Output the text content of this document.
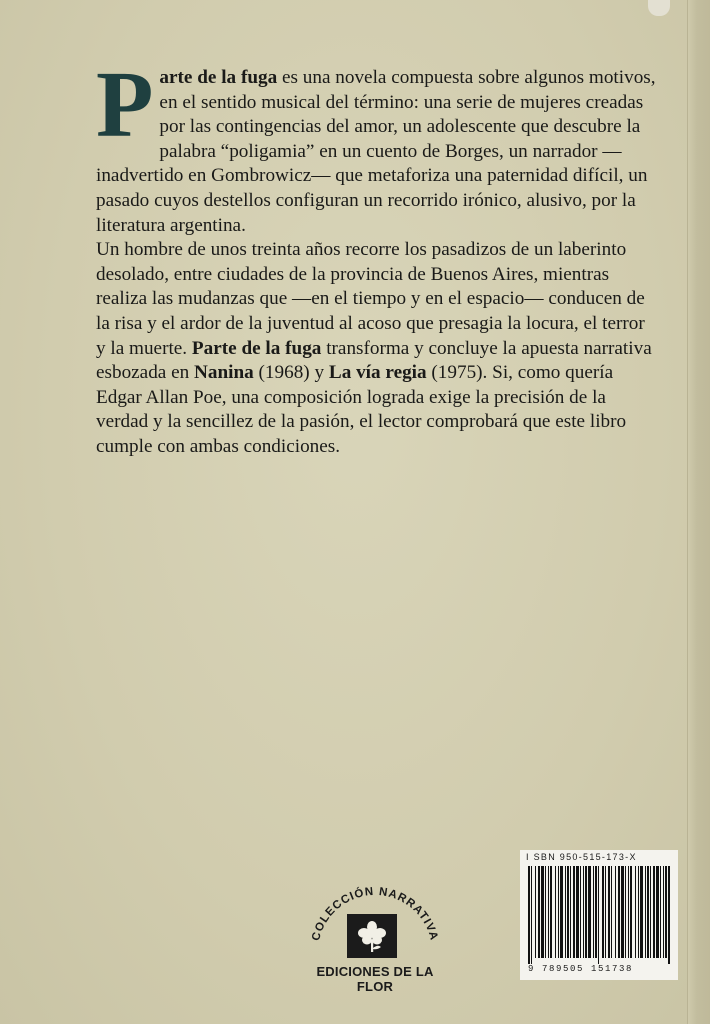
Parte de la fuga es una novela compuesta sobre algunos motivos, en el sentido musical del término: una serie de mujeres creadas por las contingencias del amor, un adolescente que descubre la palabra “poligamia” en un cuento de Borges, un narrador —inadvertido en Gombrowicz— que metaforiza una paternidad difícil, un pasado cuyos destellos configuran un recorrido irónico, alusivo, por la literatura argentina.

Un hombre de unos treinta años recorre los pasadizos de un laberinto desolado, entre ciudades de la provincia de Buenos Aires, mientras realiza las mudanzas que —en el tiempo y en el espacio— conducen de la risa y el ardor de la juventud al acoso que presagia la locura, el terror y la muerte. Parte de la fuga transforma y concluye la apuesta narrativa esbozada en Nanina (1968) y La vía regia (1975). Si, como quería Edgar Allan Poe, una composición lograda exige la precisión de la verdad y la sencillez de la pasión, el lector comprobará que este libro cumple con ambas condiciones.

COLECCIÓN NARRATIVA
EDICIONES DE LA FLOR
I SBN 950-515-173-X
9 789505 151738
